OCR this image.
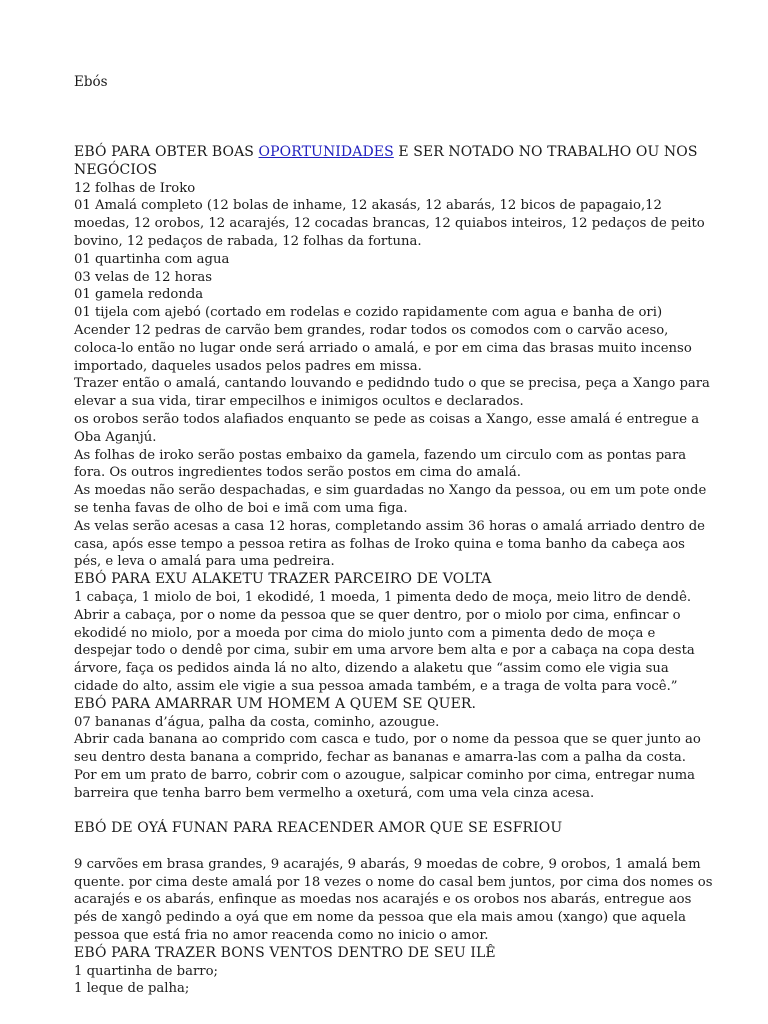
Ebós

EBÓ PARA OBTER BOAS OPORTUNIDADES E SER NOTADO NO TRABALHO OU NOS NEGÓCIOS

12 folhas de Iroko

01 Amalá completo (12 bolas de inhame, 12 akasás, 12 abarás, 12 bicos de papagaio,12 moedas, 12 orobos, 12 acarajés, 12 cocadas brancas, 12 quiabos inteiros, 12 pedaços de peito bovino, 12 pedaços de rabada, 12 folhas da fortuna.

01 quartinha com agua

03 velas de 12 horas

01 gamela redonda

01 tijela com ajebó (cortado em rodelas e cozido rapidamente com agua e banha de ori)

Acender 12 pedras de carvão bem grandes, rodar todos os comodos com o carvão aceso, coloca-lo então no lugar onde será arriado o amalá, e por em cima das brasas muito incenso importado, daqueles usados pelos padres em missa.

Trazer então o amalá, cantando louvando e pedidndo tudo o que se precisa, peça a Xango para elevar a sua vida, tirar empecilhos e inimigos ocultos e declarados.

os orobos serão todos alafiados enquanto se pede as coisas a Xango, esse amalá é entregue a Oba Aganjú.

As folhas de iroko serão postas embaixo da gamela, fazendo um circulo com as pontas para fora. Os outros ingredientes todos serão postos em cima do amalá.

As moedas não serão despachadas, e sim guardadas no Xango da pessoa, ou em um pote onde se tenha favas de olho de boi e imã com uma figa.

As velas serão acesas a casa 12 horas, completando assim 36 horas o amalá arriado dentro de casa, após esse tempo a pessoa retira as folhas de Iroko quina e toma banho da cabeça aos pés, e leva o amalá para uma pedreira.

EBÓ PARA EXU ALAKETU TRAZER PARCEIRO DE VOLTA

1 cabaça, 1 miolo de boi, 1 ekodidé, 1 moeda, 1 pimenta dedo de moça, meio litro de dendê.

Abrir a cabaça, por o nome da pessoa que se quer dentro, por o miolo por cima, enfincar o ekodidé no miolo, por a moeda por cima do miolo junto com a pimenta dedo de moça e despejar todo o dendê por cima, subir em uma arvore bem alta e por a cabaça na copa desta árvore, faça os pedidos ainda lá no alto, dizendo a alaketu que “assim como ele vigia sua cidade do alto, assim ele vigie a sua pessoa amada também, e a traga de volta para você.”

EBÓ PARA AMARRAR UM HOMEM A QUEM SE QUER.

07 bananas d’água, palha da costa, cominho, azougue.

Abrir cada banana ao comprido com casca e tudo, por o nome da pessoa que se quer junto ao seu dentro desta banana a comprido, fechar as bananas e amarra-las com a palha da costa.

Por em um prato de barro, cobrir com o azougue, salpicar cominho por cima, entregar numa barreira que tenha barro bem vermelho a oxeturá, com uma vela cinza acesa.

EBÓ DE OYÁ FUNAN PARA REACENDER AMOR QUE SE ESFRIOU

9 carvões em brasa grandes, 9 acarajés, 9 abarás, 9 moedas de cobre, 9 orobos, 1 amalá bem quente. por cima deste amalá por 18 vezes o nome do casal bem juntos, por cima dos nomes os acarajés e os abarás, enfinque as moedas nos acarajés e os orobos nos abarás, entregue aos pés de xangô pedindo a oyá que em nome da pessoa que ela mais amou (xango) que aquela pessoa que está fria no amor reacenda como no inicio o amor.

EBÓ PARA TRAZER BONS VENTOS DENTRO DE SEU ILÊ

1 quartinha de barro;

1 leque de palha;
